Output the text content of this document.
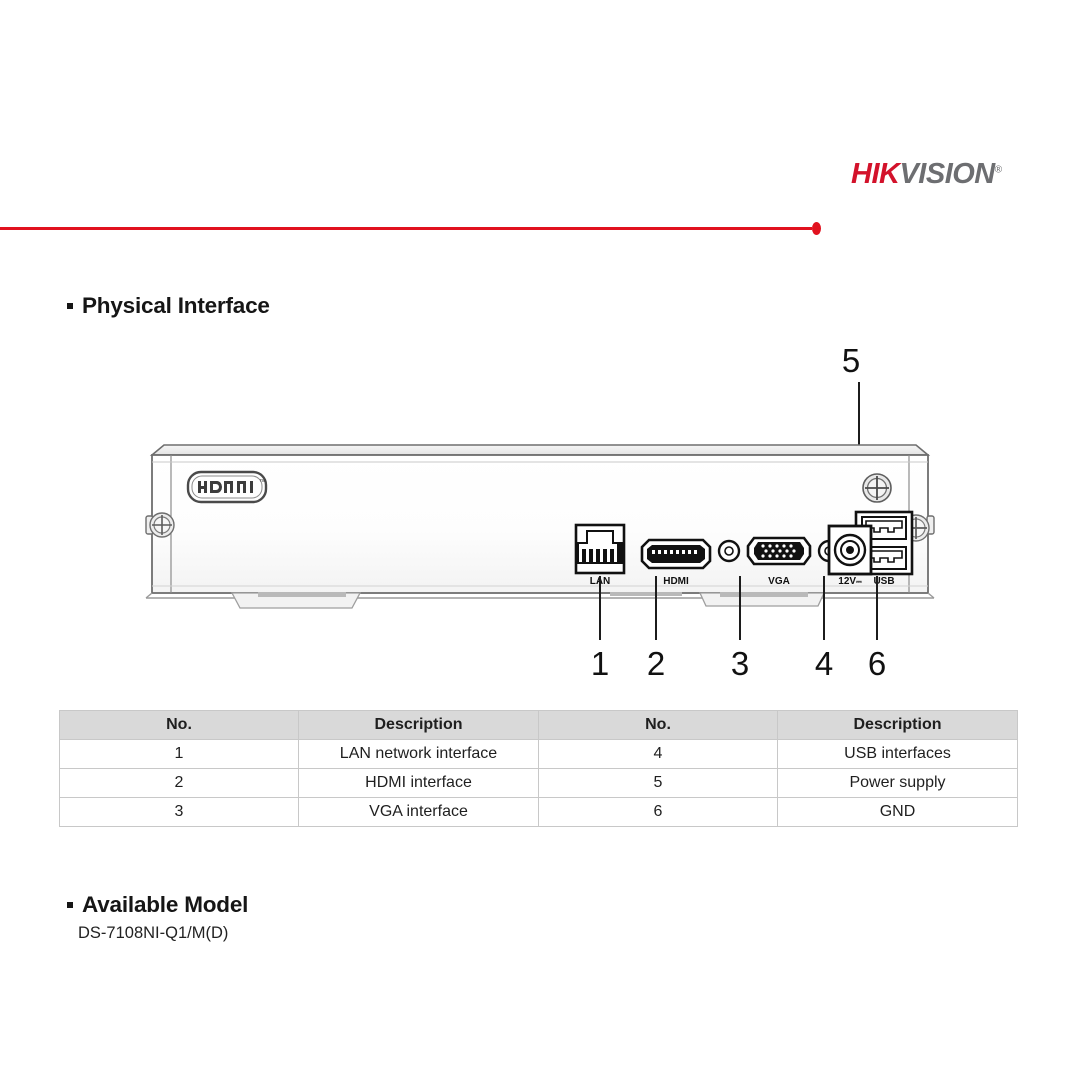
HIKVISION®
Physical Interface
5
™
LAN	HDMI	VGA	USB
12V⎓
1 2 3 4 6
No.	Description	No.	Description
1	LAN network interface	4	USB interfaces
2	HDMI interface	5	Power supply
3	VGA interface	6	GND
Available Model
DS-7108NI-Q1/M(D)
